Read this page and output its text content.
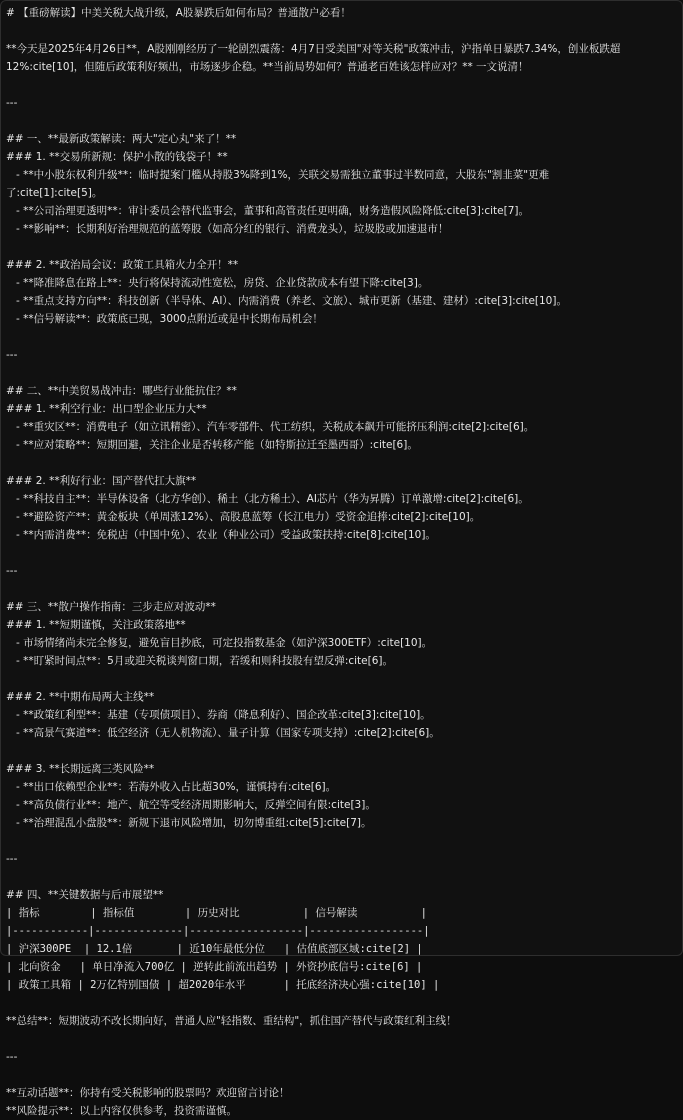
# 【重磅解读】中美关税大战升级，A股暴跌后如何布局？普通散户必看！
**今天是2025年4月26日**，A股刚刚经历了一轮剧烈震荡：4月7日受美国"对等关税"政策冲击，沪指单日暴跌7.34%，创业板跌超
12%:cite[10]，但随后政策利好频出，市场逐步企稳。**当前局势如何？普通老百姓该怎样应对？** 一文说清！
---
## 一、**最新政策解读：两大"定心丸"来了！**
### 1. **交易所新规：保护小散的钱袋子！**
- **中小股东权利升级**：临时提案门槛从持股3%降到1%，关联交易需独立董事过半数同意，大股东"割韭菜"更难
了:cite[1]:cite[5]。
- **公司治理更透明**：审计委员会替代监事会，董事和高管责任更明确，财务造假风险降低:cite[3]:cite[7]。
- **影响**：长期利好治理规范的蓝筹股（如高分红的银行、消费龙头），垃圾股或加速退市！
### 2. **政治局会议：政策工具箱火力全开！**
- **降准降息在路上**：央行将保持流动性宽松，房贷、企业贷款成本有望下降:cite[3]。
- **重点支持方向**：科技创新（半导体、AI）、内需消费（养老、文旅）、城市更新（基建、建材）:cite[3]:cite[10]。
- **信号解读**：政策底已现，3000点附近或是中长期布局机会！
---
## 二、**中美贸易战冲击：哪些行业能抗住？**
### 1. **利空行业：出口型企业压力大**
- **重灾区**：消费电子（如立讯精密）、汽车零部件、代工纺织，关税成本飙升可能挤压利润:cite[2]:cite[6]。
- **应对策略**：短期回避，关注企业是否转移产能（如特斯拉迁至墨西哥）:cite[6]。
### 2. **利好行业：国产替代扛大旗**
- **科技自主**：半导体设备（北方华创）、稀土（北方稀土）、AI芯片（华为昇腾）订单激增:cite[2]:cite[6]。
- **避险资产**：黄金板块（单周涨12%）、高股息蓝筹（长江电力）受资金追捧:cite[2]:cite[10]。
- **内需消费**：免税店（中国中免）、农业（种业公司）受益政策扶持:cite[8]:cite[10]。
---
## 三、**散户操作指南：三步走应对波动**
### 1. **短期谨慎，关注政策落地**
- 市场情绪尚未完全修复，避免盲目抄底，可定投指数基金（如沪深300ETF）:cite[10]。
- **盯紧时间点**：5月或迎关税谈判窗口期，若缓和则科技股有望反弹:cite[6]。
### 2. **中期布局两大主线**
- **政策红利型**：基建（专项债项目）、券商（降息利好）、国企改革:cite[3]:cite[10]。
- **高景气赛道**：低空经济（无人机物流）、量子计算（国家专项支持）:cite[2]:cite[6]。
### 3. **长期远离三类风险**
- **出口依赖型企业**：若海外收入占比超30%，谨慎持有:cite[6]。
- **高负债行业**：地产、航空等受经济周期影响大，反弹空间有限:cite[3]。
- **治理混乱小盘股**：新规下退市风险增加，切勿博重组:cite[5]:cite[7]。
---
## 四、**关键数据与后市展望**
| 指标        | 指标值        | 历史对比          | 信号解读          |
|------------|--------------|------------------|------------------|
| 沪深300PE  | 12.1倍       | 近10年最低分位   | 估值底部区域:cite[2] |
| 北向资金   | 单日净流入700亿 | 逆转此前流出趋势 | 外资抄底信号:cite[6] |
| 政策工具箱 | 2万亿特别国债 | 超2020年水平      | 托底经济决心强:cite[10] |
**总结**：短期波动不改长期向好，普通人应"轻指数、重结构"，抓住国产替代与政策红利主线！
---
**互动话题**：你持有受关税影响的股票吗？欢迎留言讨论！
**风险提示**：以上内容仅供参考，投资需谨慎。
